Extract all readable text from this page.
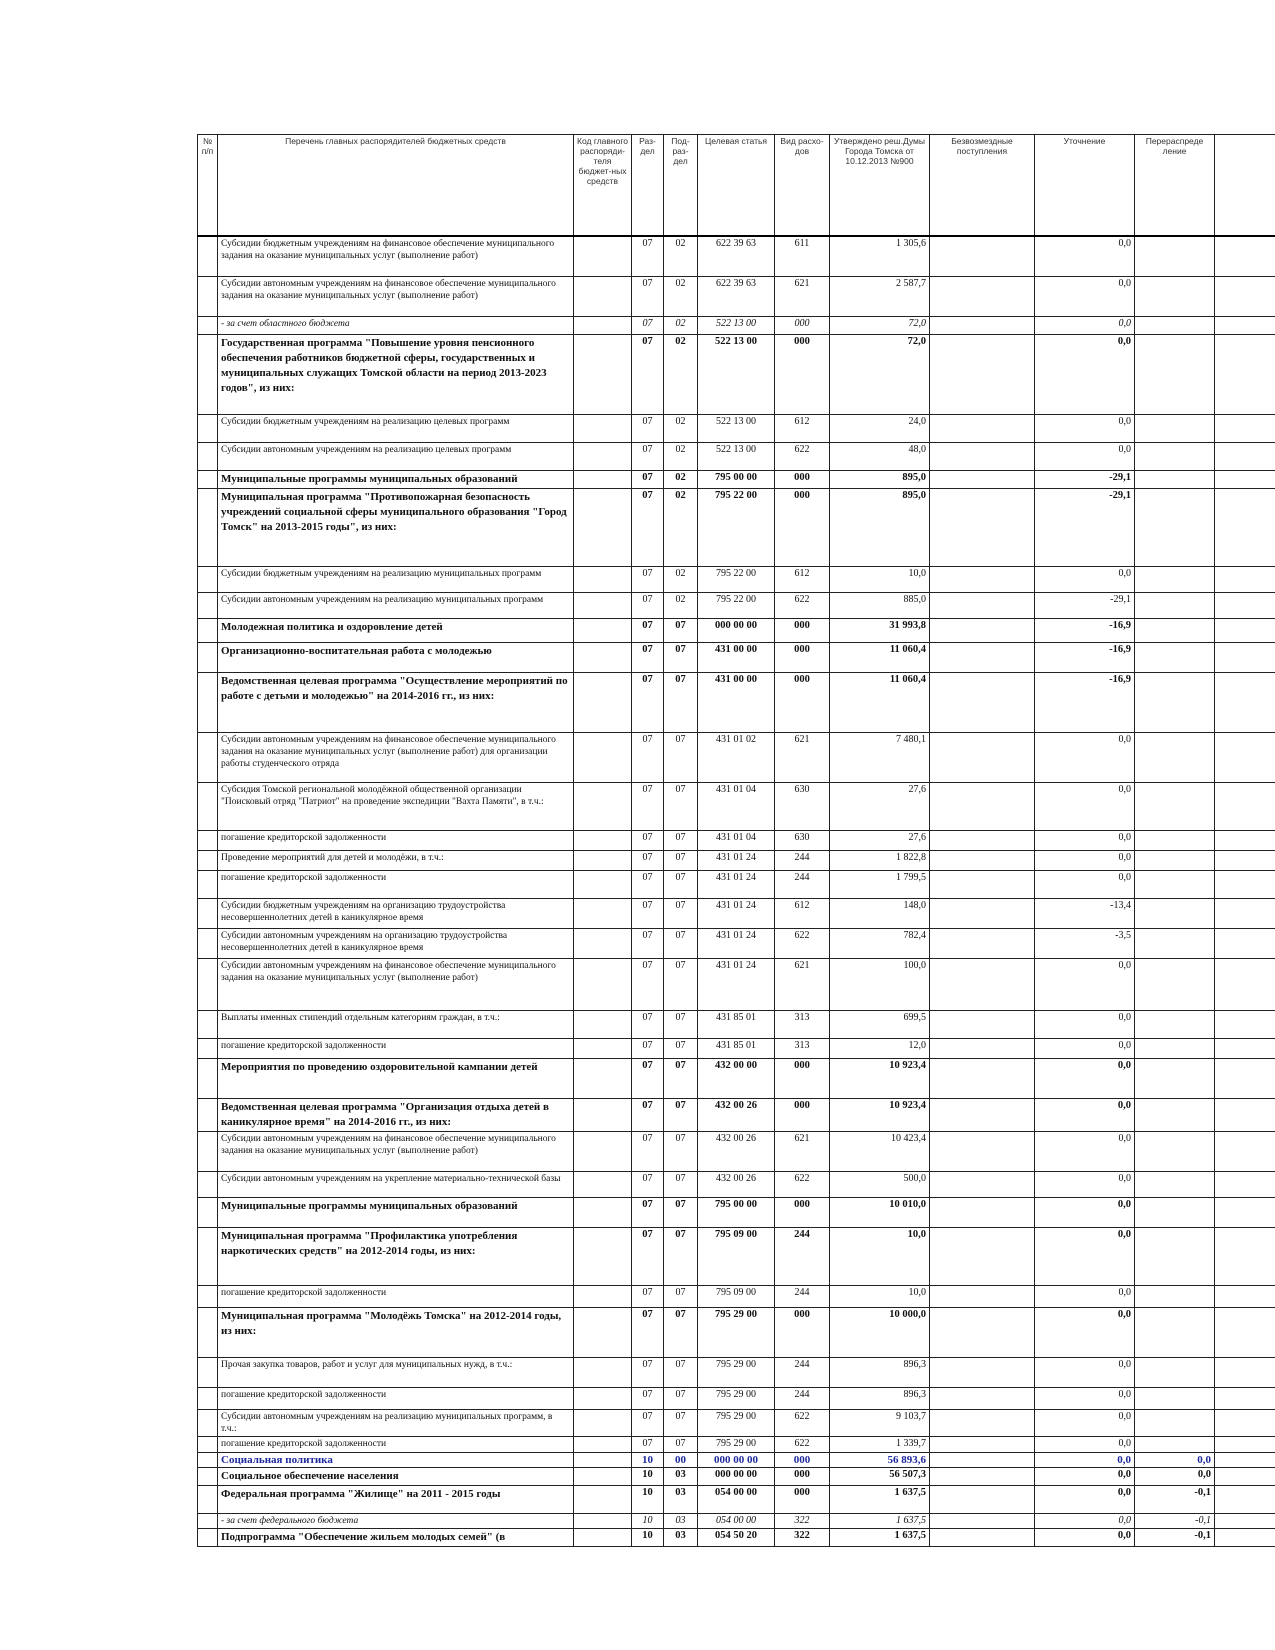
№ п/п	Перечень главных распорядителей бюджетных средств	Код главного распоряди-теля бюджет-ных средств	Раз-дел	Под-раз-дел	Целевая статья	Вид расхо-дов	Утверждено реш.Думы Города Томска от 10.12.2013 №900	Безвозмездные поступления	Уточнение	Перераспреде ление	
	Субсидии бюджетным учреждениям на финансовое обеспечение муниципального задания на оказание муниципальных услуг (выполнение работ)		07	02	622 39 63	611	1 305,6		0,0		
	Субсидии автономным учреждениям на финансовое обеспечение муниципального задания на оказание муниципальных услуг (выполнение работ)		07	02	622 39 63	621	2 587,7		0,0		
	- за счет областного бюджета		07	02	522 13 00	000	72,0		0,0		
	Государственная программа "Повышение уровня пенсионного обеспечения работников бюджетной сферы, государственных и муниципальных служащих Томской области на период 2013-2023 годов", из них:		07	02	522 13 00	000	72,0		0,0		
	Субсидии бюджетным учреждениям на реализацию целевых программ		07	02	522 13 00	612	24,0		0,0		
	Субсидии автономным учреждениям на реализацию целевых программ		07	02	522 13 00	622	48,0		0,0		
	Муниципальные программы муниципальных образований		07	02	795 00 00	000	895,0		-29,1		
	Муниципальная программа "Противопожарная безопасность учреждений социальной сферы муниципального образования "Город Томск" на 2013-2015 годы", из них:		07	02	795 22 00	000	895,0		-29,1		
	Субсидии бюджетным учреждениям на реализацию муниципальных программ		07	02	795 22 00	612	10,0		0,0		
	Субсидии автономным учреждениям на реализацию муниципальных программ		07	02	795 22 00	622	885,0		-29,1		
	Молодежная политика и оздоровление детей		07	07	000 00 00	000	31 993,8		-16,9		
	Организационно-воспитательная работа с молодежью		07	07	431 00 00	000	11 060,4		-16,9		
	Ведомственная целевая программа "Осуществление мероприятий по работе с детьми и молодежью" на 2014-2016 гг., из них:		07	07	431 00 00	000	11 060,4		-16,9		
	Субсидии автономным учреждениям на финансовое обеспечение муниципального задания на оказание муниципальных услуг (выполнение работ) для организации работы студенческого отряда		07	07	431 01 02	621	7 480,1		0,0		
	Субсидия Томской региональной молодёжной общественной организации "Поисковый отряд "Патриот" на проведение экспедиции "Вахта Памяти", в т.ч.:		07	07	431 01 04	630	27,6		0,0		
	погашение кредиторской задолженности		07	07	431 01 04	630	27,6		0,0		
	Проведение мероприятий для детей и молодёжи, в т.ч.:		07	07	431 01 24	244	1 822,8		0,0		
	погашение кредиторской задолженности		07	07	431 01 24	244	1 799,5		0,0		
	Субсидии бюджетным учреждениям на организацию трудоустройства несовершеннолетних детей в каникулярное время		07	07	431 01 24	612	148,0		-13,4		
	Субсидии автономным учреждениям на организацию трудоустройства несовершеннолетних детей в каникулярное время		07	07	431 01 24	622	782,4		-3,5		
	Субсидии автономным учреждениям на финансовое обеспечение муниципального задания на оказание муниципальных услуг (выполнение работ)		07	07	431 01 24	621	100,0		0,0		
	Выплаты именных стипендий отдельным категориям граждан, в т.ч.:		07	07	431 85 01	313	699,5		0,0		
	погашение кредиторской задолженности		07	07	431 85 01	313	12,0		0,0		
	Мероприятия по проведению оздоровительной кампании детей		07	07	432 00 00	000	10 923,4		0,0		
	Ведомственная целевая программа "Организация отдыха детей в каникулярное время" на 2014-2016 гг., из них:		07	07	432 00 26	000	10 923,4		0,0		
	Субсидии автономным учреждениям на финансовое обеспечение муниципального задания на оказание муниципальных услуг (выполнение работ)		07	07	432 00 26	621	10 423,4		0,0		
	Субсидии автономным учреждениям на укрепление материально-технической базы		07	07	432 00 26	622	500,0		0,0		
	Муниципальные программы муниципальных образований		07	07	795 00 00	000	10 010,0		0,0		
	Муниципальная программа "Профилактика употребления наркотических средств" на 2012-2014 годы, из них:		07	07	795 09 00	244	10,0		0,0		
	погашение кредиторской задолженности		07	07	795 09 00	244	10,0		0,0		
	Муниципальная программа "Молодёжь Томска" на 2012-2014 годы, из них:		07	07	795 29 00	000	10 000,0		0,0		
	Прочая закупка товаров, работ и услуг для муниципальных нужд, в т.ч.:		07	07	795 29 00	244	896,3		0,0		
	погашение кредиторской задолженности		07	07	795 29 00	244	896,3		0,0		
	Субсидии автономным учреждениям на реализацию муниципальных программ, в т.ч.:		07	07	795 29 00	622	9 103,7		0,0		
	погашение кредиторской задолженности		07	07	795 29 00	622	1 339,7		0,0		
	Социальная политика		10	00	000 00 00	000	56 893,6		0,0	0,0	
	Социальное обеспечение населения		10	03	000 00 00	000	56 507,3		0,0	0,0	
	Федеральная программа "Жилище" на 2011 - 2015 годы		10	03	054 00 00	000	1 637,5		0,0	-0,1	
	- за счет федерального бюджета		10	03	054 00 00	322	1 637,5		0,0	-0,1	
	Подпрограмма "Обеспечение жильем молодых семей" (в		10	03	054 50 20	322	1 637,5		0,0	-0,1	
